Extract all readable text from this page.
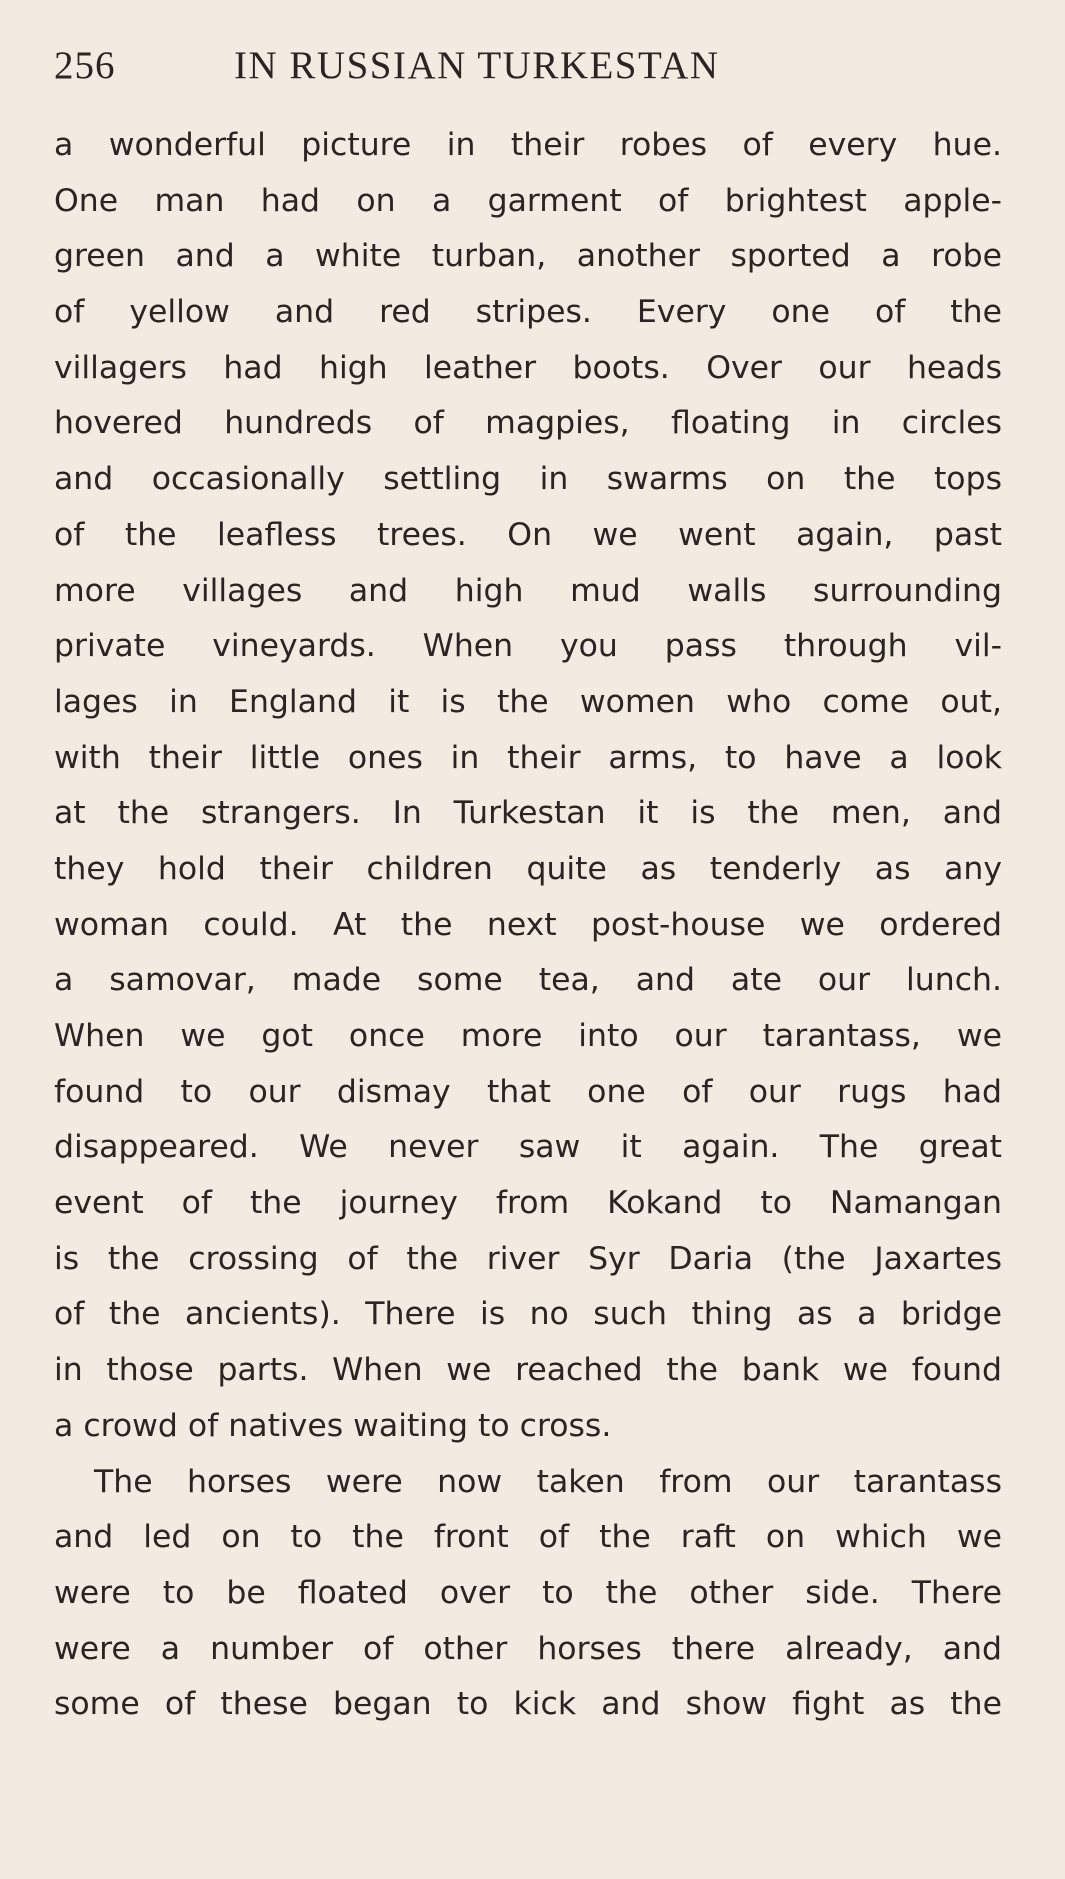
256	IN RUSSIAN TURKESTAN
a wonderful picture in their robes of every hue.
One man had on a garment of brightest apple-
green and a white turban, another sported a robe
of yellow and red stripes. Every one of the
villagers had high leather boots. Over our heads
hovered hundreds of magpies, floating in circles
and occasionally settling in swarms on the tops
of the leafless trees. On we went again, past
more villages and high mud walls surrounding
private vineyards. When you pass through vil-
lages in England it is the women who come out,
with their little ones in their arms, to have a look
at the strangers. In Turkestan it is the men, and
they hold their children quite as tenderly as any
woman could. At the next post-house we ordered
a samovar, made some tea, and ate our lunch.
When we got once more into our tarantass, we
found to our dismay that one of our rugs had
disappeared. We never saw it again. The great
event of the journey from Kokand to Namangan
is the crossing of the river Syr Daria (the Jaxartes
of the ancients). There is no such thing as a bridge
in those parts. When we reached the bank we found
a crowd of natives waiting to cross.
The horses were now taken from our tarantass
and led on to the front of the raft on which we
were to be floated over to the other side. There
were a number of other horses there already, and
some of these began to kick and show fight as the
